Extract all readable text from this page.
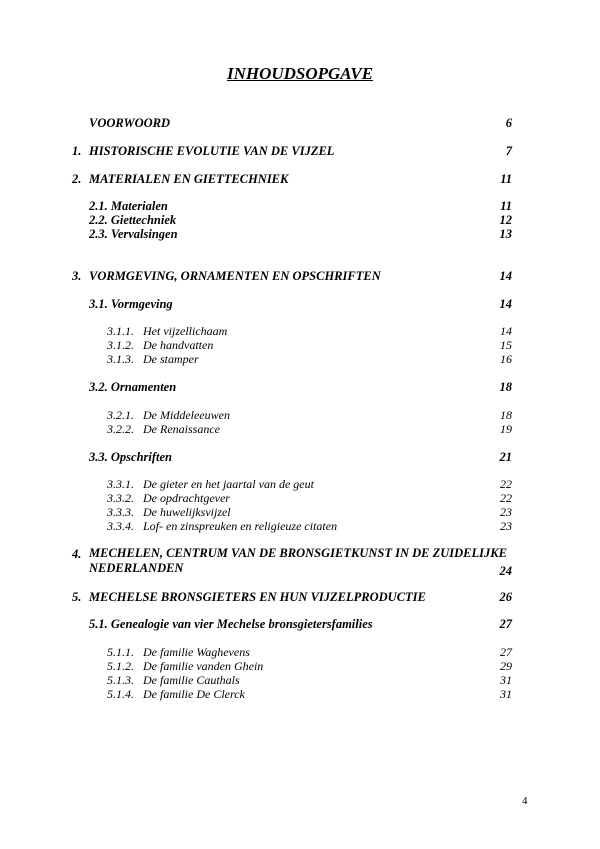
INHOUDSOPGAVE
VOORWOORD	6
1. HISTORISCHE EVOLUTIE VAN DE VIJZEL	7
2. MATERIALEN EN GIETTECHNIEK	11
2.1. Materialen	11
2.2. Giettechniek	12
2.3. Vervalsingen	13
3. VORMGEVING, ORNAMENTEN EN OPSCHRIFTEN	14
3.1. Vormgeving	14
3.1.1. Het vijzellichaam	14
3.1.2. De handvatten	15
3.1.3. De stamper	16
3.2. Ornamenten	18
3.2.1. De Middeleeuwen	18
3.2.2. De Renaissance	19
3.3. Opschriften	21
3.3.1. De gieter en het jaartal van de geut	22
3.3.2. De opdrachtgever	22
3.3.3. De huwelijksvijzel	23
3.3.4. Lof- en zinspreuken en religieuze citaten	23
4. MECHELEN, CENTRUM VAN DE BRONSGIETKUNST IN DE ZUIDELIJKE NEDERLANDEN	24
5. MECHELSE BRONSGIETERS EN HUN VIJZELPRODUCTIE	26
5.1. Genealogie van vier Mechelse bronsgietersfamilies	27
5.1.1. De familie Waghevens	27
5.1.2. De familie vanden Ghein	29
5.1.3. De familie Cauthals	31
5.1.4. De familie De Clerck	31
4
